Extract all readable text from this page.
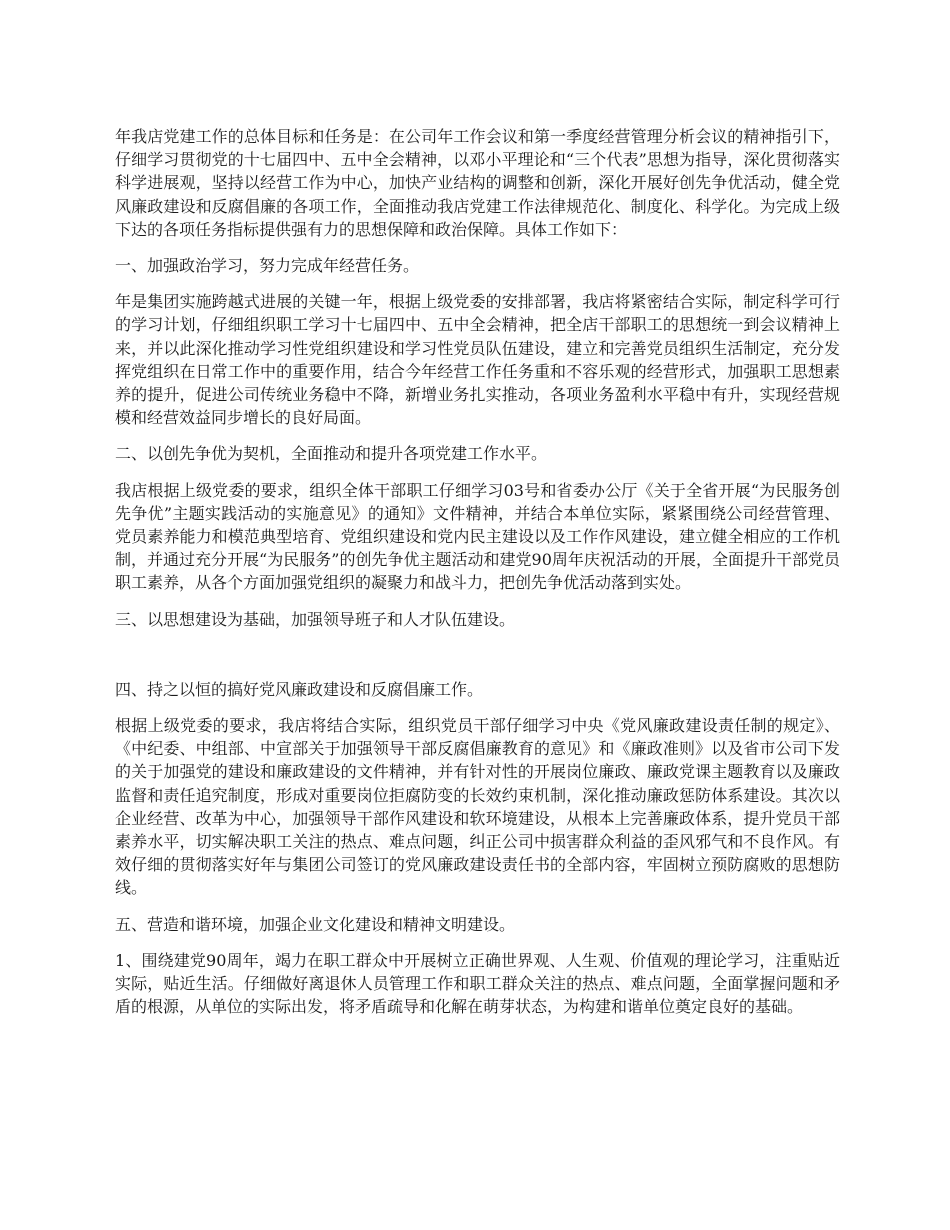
年我店党建工作的总体目标和任务是：在公司年工作会议和第一季度经营管理分析会议的精神指引下，仔细学习贯彻党的十七届四中、五中全会精神，以邓小平理论和“三个代表”思想为指导，深化贯彻落实科学进展观，坚持以经营工作为中心，加快产业结构的调整和创新，深化开展好创先争优活动，健全党风廉政建设和反腐倡廉的各项工作，全面推动我店党建工作法律规范化、制度化、科学化。为完成上级下达的各项任务指标提供强有力的思想保障和政治保障。具体工作如下：

一、加强政治学习，努力完成年经营任务。

年是集团实施跨越式进展的关键一年，根据上级党委的安排部署，我店将紧密结合实际，制定科学可行的学习计划，仔细组织职工学习十七届四中、五中全会精神，把全店干部职工的思想统一到会议精神上来，并以此深化推动学习性党组织建设和学习性党员队伍建设，建立和完善党员组织生活制定，充分发挥党组织在日常工作中的重要作用，结合今年经营工作任务重和不容乐观的经营形式，加强职工思想素养的提升，促进公司传统业务稳中不降，新增业务扎实推动，各项业务盈利水平稳中有升，实现经营规模和经营效益同步增长的良好局面。

二、以创先争优为契机，全面推动和提升各项党建工作水平。

我店根据上级党委的要求，组织全体干部职工仔细学习03号和省委办公厅《关于全省开展“为民服务创先争优”主题实践活动的实施意见》的通知》文件精神，并结合本单位实际，紧紧围绕公司经营管理、党员素养能力和模范典型培育、党组织建设和党内民主建设以及工作作风建设，建立健全相应的工作机制，并通过充分开展“为民服务”的创先争优主题活动和建党90周年庆祝活动的开展，全面提升干部党员职工素养，从各个方面加强党组织的凝聚力和战斗力，把创先争优活动落到实处。

三、以思想建设为基础，加强领导班子和人才队伍建设。

四、持之以恒的搞好党风廉政建设和反腐倡廉工作。

根据上级党委的要求，我店将结合实际，组织党员干部仔细学习中央《党风廉政建设责任制的规定》、《中纪委、中组部、中宣部关于加强领导干部反腐倡廉教育的意见》和《廉政准则》以及省市公司下发的关于加强党的建设和廉政建设的文件精神，并有针对性的开展岗位廉政、廉政党课主题教育以及廉政监督和责任追究制度，形成对重要岗位拒腐防变的长效约束机制，深化推动廉政惩防体系建设。其次以企业经营、改革为中心，加强领导干部作风建设和软环境建设，从根本上完善廉政体系，提升党员干部素养水平，切实解决职工关注的热点、难点问题，纠正公司中损害群众利益的歪风邪气和不良作风。有效仔细的贯彻落实好年与集团公司签订的党风廉政建设责任书的全部内容，牢固树立预防腐败的思想防线。

五、营造和谐环境，加强企业文化建设和精神文明建设。

1、围绕建党90周年，竭力在职工群众中开展树立正确世界观、人生观、价值观的理论学习，注重贴近实际，贴近生活。仔细做好离退休人员管理工作和职工群众关注的热点、难点问题，全面掌握问题和矛盾的根源，从单位的实际出发，将矛盾疏导和化解在萌芽状态，为构建和谐单位奠定良好的基础。
